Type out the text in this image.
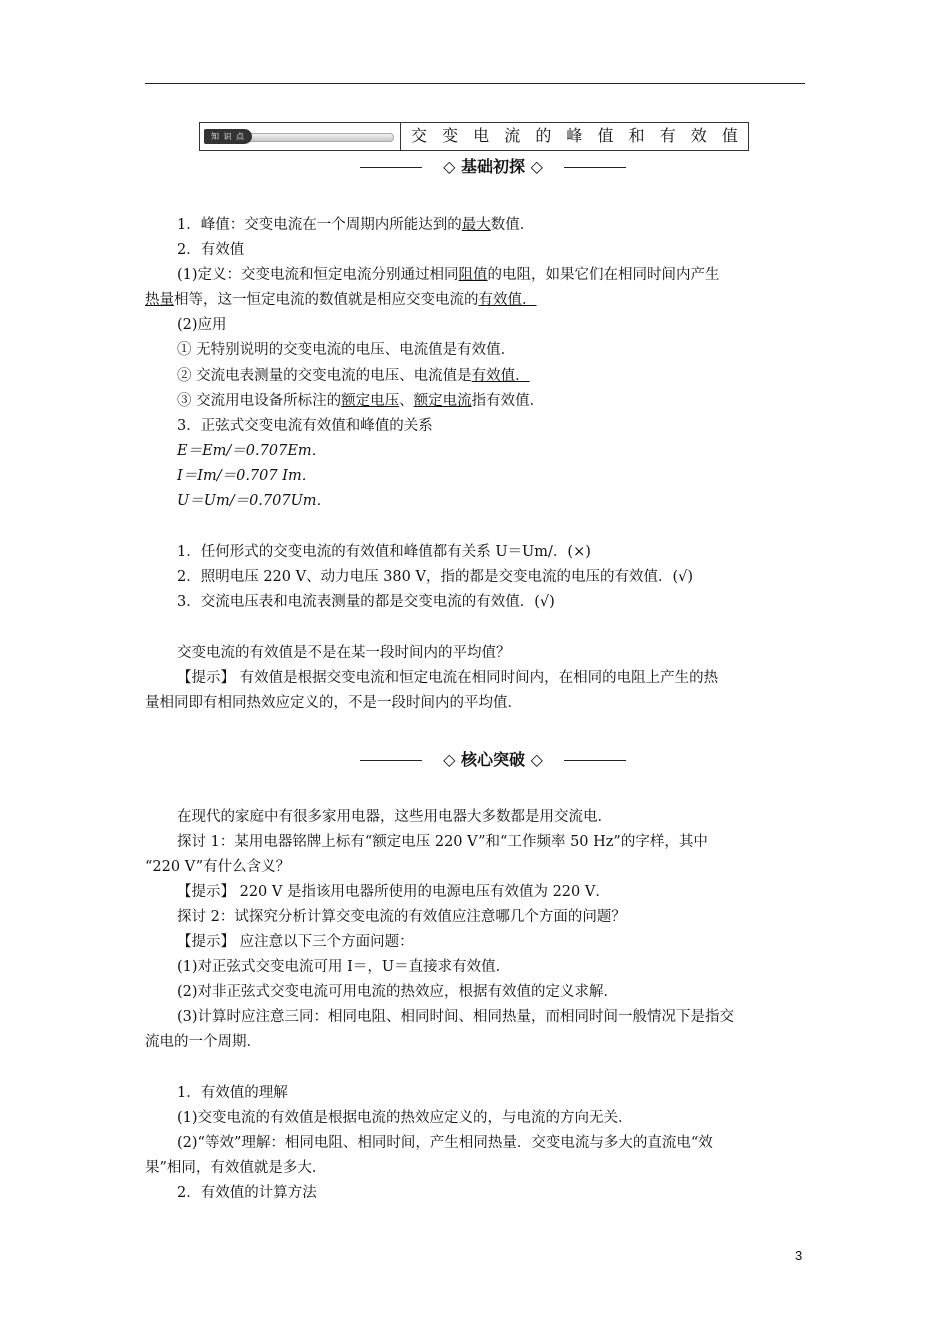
知 识 点	交 变 电 流 的 峰 值 和 有 效 值
◇ 基础初探 ◇
1．峰值：交变电流在一个周期内所能达到的最大数值．
2．有效值
(1)定义：交变电流和恒定电流分别通过相同阻值的电阻，如果它们在相同时间内产生
热量相等，这一恒定电流的数值就是相应交变电流的有效值．
(2)应用
① 无特别说明的交变电流的电压、电流值是有效值．
② 交流电表测量的交变电流的电压、电流值是有效值．
③ 交流用电设备所标注的额定电压、额定电流指有效值．
3．正弦式交变电流有效值和峰值的关系
E＝Em/＝0.707Em．
I＝Im/＝0.707 Im．
U＝Um/＝0.707Um．
1．任何形式的交变电流的有效值和峰值都有关系 U＝Um/．(×)
2．照明电压 220 V、动力电压 380 V，指的都是交变电流的电压的有效值．(√)
3．交流电压表和电流表测量的都是交变电流的有效值．(√)
交变电流的有效值是不是在某一段时间内的平均值？
【提示】 有效值是根据交变电流和恒定电流在相同时间内，在相同的电阻上产生的热
量相同即有相同热效应定义的，不是一段时间内的平均值．
◇ 核心突破 ◇
在现代的家庭中有很多家用电器，这些用电器大多数都是用交流电．
探讨 1：某用电器铭牌上标有“额定电压 220 V”和“工作频率 50 Hz”的字样，其中
“220 V”有什么含义？
【提示】 220 V 是指该用电器所使用的电源电压有效值为 220 V．
探讨 2：试探究分析计算交变电流的有效值应注意哪几个方面的问题？
【提示】 应注意以下三个方面问题：
(1)对正弦式交变电流可用 I＝，U＝直接求有效值．
(2)对非正弦式交变电流可用电流的热效应，根据有效值的定义求解．
(3)计算时应注意三同：相同电阻、相同时间、相同热量，而相同时间一般情况下是指交
流电的一个周期．
1．有效值的理解
(1)交变电流的有效值是根据电流的热效应定义的，与电流的方向无关．
(2)“等效”理解：相同电阻、相同时间，产生相同热量．交变电流与多大的直流电“效
果”相同，有效值就是多大．
2．有效值的计算方法
3
